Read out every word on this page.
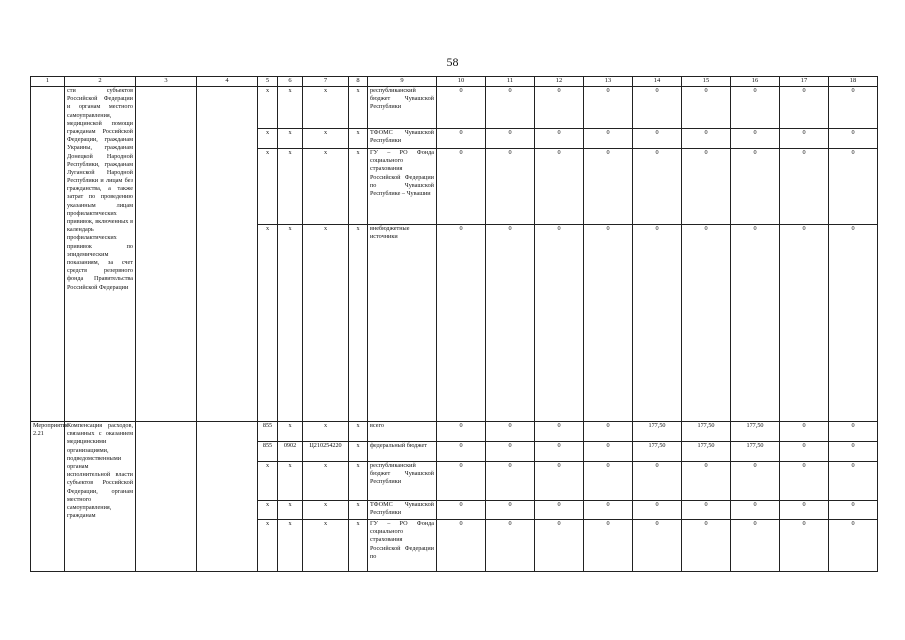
58
1	2	3	4	5	6	7	8	9	10	11	12	13	14	15	16	17	18
	сти субъектов Российской Федерации и органам местного самоуправления, медицинской помощи гражданам Российской Федерации, гражданам Украины, гражданам Донецкой Народной Республики, гражданам Луганской Народной Республики и лицам без гражданства, а также затрат по проведению указанным лицам профилактических прививок, включенных в календарь профилактических прививок по эпидемическим показаниям, за счет средств резервного фонда Правительства Российской Федерации			х	х	х	х	республиканский бюджет Чувашской Республики	0	0	0	0	0	0	0	0	0
				х	х	х	х	ТФОМС Чувашской Республики	0	0	0	0	0	0	0	0	0
				х	х	х	х	ГУ – РО Фонда социального страхования Российской Федерации по Чувашской Республике – Чувашии	0	0	0	0	0	0	0	0	0
				х	х	х	х	внебюджетные источники	0	0	0	0	0	0	0	0	0
Мероприятие 2.21	Компенсация расходов, связанных с оказанием медицинскими организациями, подведомственными органам исполнительной власти субъектов Российской Федерации, органам местного самоуправления, гражданам			855	х	х	х	всего	0	0	0	0	177,50	177,50	177,50	0	0
				855	0902	Ц210254220	х	федеральный бюджет	0	0	0	0	177,50	177,50	177,50	0	0
				х	х	х	х	республиканский бюджет Чувашской Республики	0	0	0	0	0	0	0	0	0
				х	х	х	х	ТФОМС Чувашской Республики	0	0	0	0	0	0	0	0	0
				х	х	х	х	ГУ – РО Фонда социального страхования Российской Федерации по	0	0	0	0	0	0	0	0	0
